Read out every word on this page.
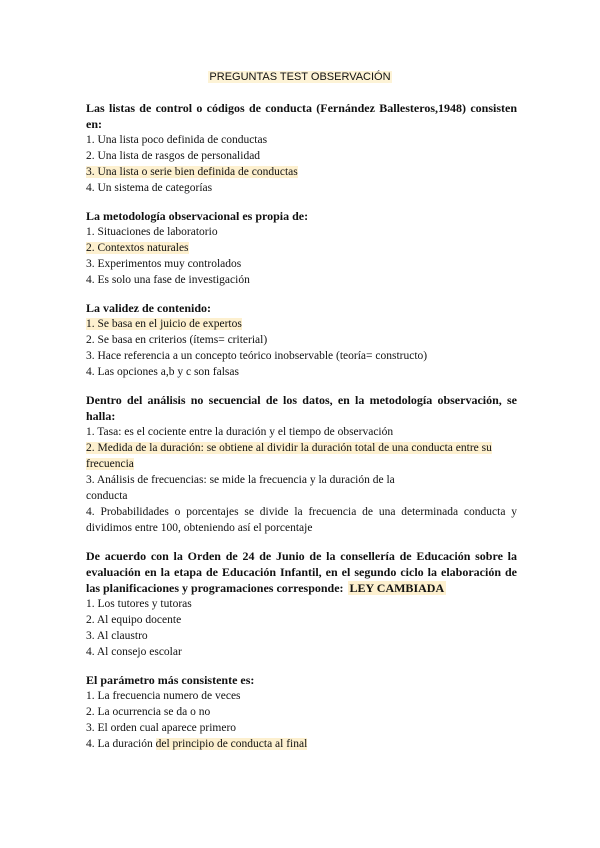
PREGUNTAS TEST OBSERVACIÓN

Las listas de control o códigos de conducta (Fernández Ballesteros,1948) consisten en:

1. Una lista poco definida de conductas

2. Una lista de rasgos de personalidad

3. Una lista o serie bien definida de conductas

4. Un sistema de categorías

La metodología observacional es propia de:

1. Situaciones de laboratorio

2. Contextos naturales

3. Experimentos muy controlados

4. Es solo una fase de investigación

La validez de contenido:

1. Se basa en el juicio de expertos

2. Se basa en criterios (ítems= criterial)

3. Hace referencia a un concepto teórico inobservable (teoría= constructo)

4. Las opciones a,b y c son falsas

Dentro del análisis no secuencial de los datos, en la metodología observación, se halla:

1. Tasa: es el cociente entre la duración y el tiempo de observación

2. Medida de la duración: se obtiene al dividir la duración total de una conducta entre su frecuencia

3. Análisis de frecuencias: se mide la frecuencia y la duración de la

conducta

4. Probabilidades o porcentajes se divide la frecuencia de una determinada conducta y dividimos entre 100, obteniendo así el porcentaje

De acuerdo con la Orden de 24 de Junio de la consellería de Educación sobre la evaluación en la etapa de Educación Infantil, en el segundo ciclo la elaboración de las planificaciones y programaciones corresponde: LEY CAMBIADA

1. Los tutores y tutoras

2. Al equipo docente

3. Al claustro

4. Al consejo escolar

El parámetro más consistente es:

1. La frecuencia numero de veces

2. La ocurrencia se da o no

3. El orden cual aparece primero

4. La duración del principio de conducta al final
